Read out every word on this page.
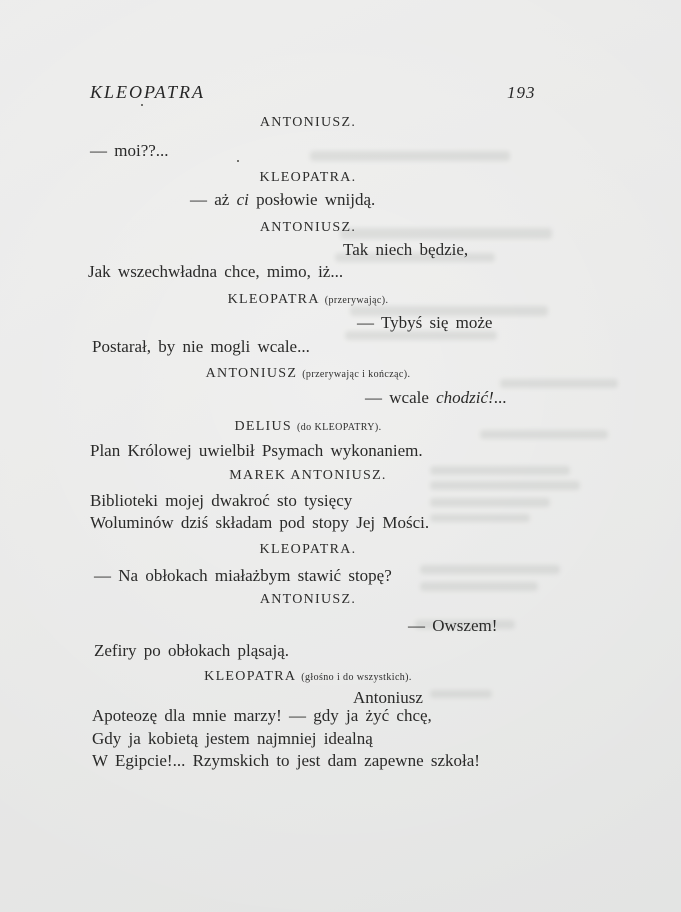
KLEOPATRA	193
ANTONIUSZ.
— moi??...
KLEOPATRA.
— aż ci posłowie wnijdą.
ANTONIUSZ.
Tak niech będzie,
Jak wszechwładna chce, mimo, iż...
KLEOPATRA (przerywając).
— Tybyś się może
Postarał, by nie mogli wcale...
ANTONIUSZ (przerywając i kończąc).
— wcale chodzić!...
DELIUS (do KLEOPATRY).
Plan Królowej uwielbił Psymach wykonaniem.
MAREK ANTONIUSZ.
Biblioteki mojej dwakroć sto tysięcy
Woluminów dziś składam pod stopy Jej Mości.
KLEOPATRA.
— Na obłokach miałażbym stawić stopę?
ANTONIUSZ.
— Owszem!
Zefiry po obłokach pląsają.
KLEOPATRA (głośno i do wszystkich).
Antoniusz
Apoteozę dla mnie marzy! — gdy ja żyć chcę,
Gdy ja kobietą jestem najmniej idealną
W Egipcie!... Rzymskich to jest dam zapewne szkoła!
